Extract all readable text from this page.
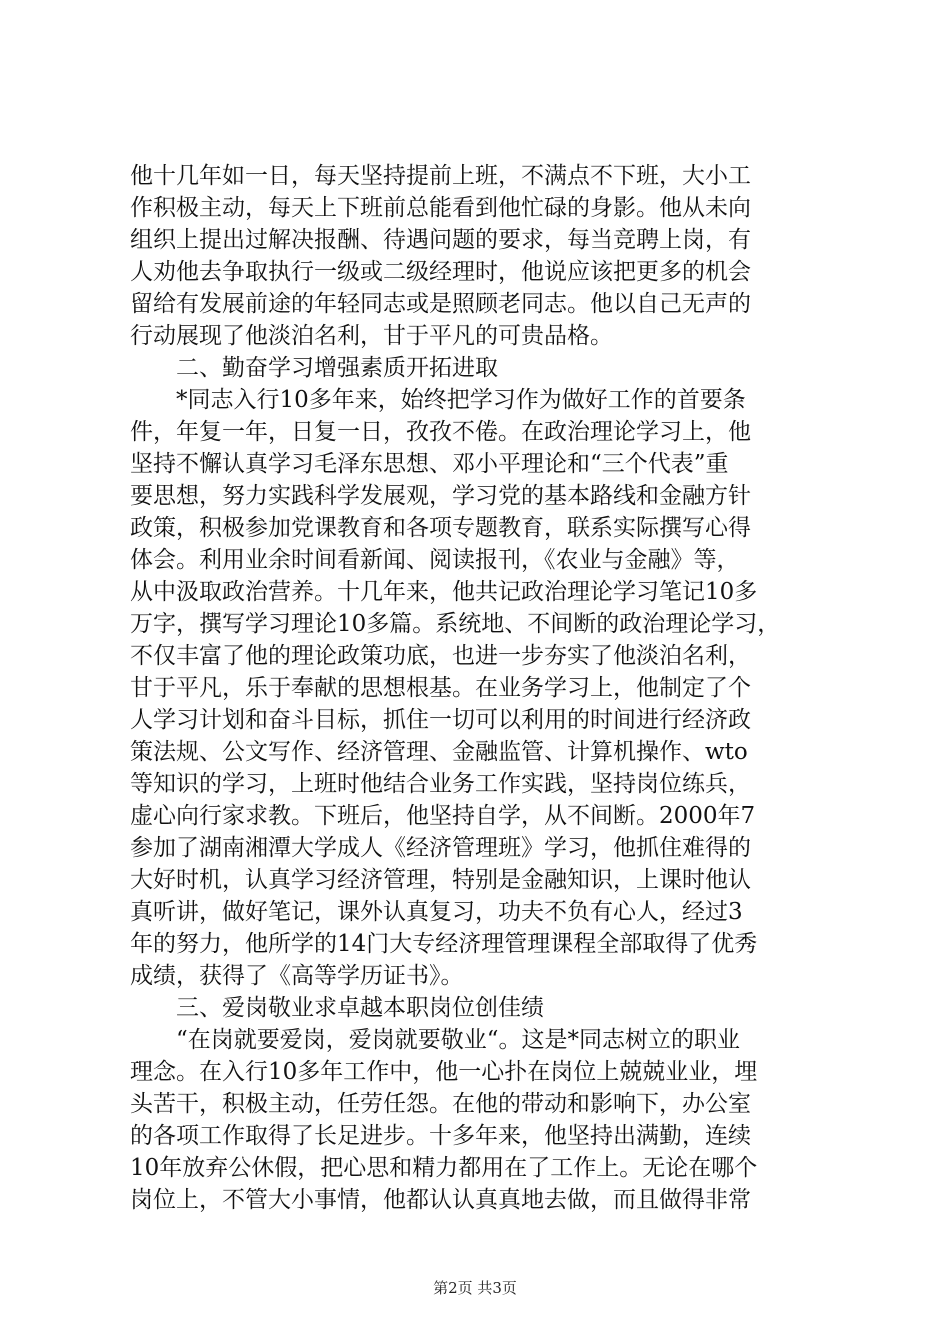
他十几年如一日，每天坚持提前上班，不满点不下班，大小工
作积极主动，每天上下班前总能看到他忙碌的身影。他从未向
组织上提出过解决报酬、待遇问题的要求，每当竞聘上岗，有
人劝他去争取执行一级或二级经理时，他说应该把更多的机会
留给有发展前途的年轻同志或是照顾老同志。他以自己无声的
行动展现了他淡泊名利，甘于平凡的可贵品格。
　　二、勤奋学习增强素质开拓进取
　　*同志入行10多年来，始终把学习作为做好工作的首要条
件，年复一年，日复一日，孜孜不倦。在政治理论学习上，他
坚持不懈认真学习毛泽东思想、邓小平理论和“三个代表”重
要思想，努力实践科学发展观，学习党的基本路线和金融方针
政策，积极参加党课教育和各项专题教育，联系实际撰写心得
体会。利用业余时间看新闻、阅读报刊，《农业与金融》等，
从中汲取政治营养。十几年来，他共记政治理论学习笔记10多
万字，撰写学习理论10多篇。系统地、不间断的政治理论学习，
不仅丰富了他的理论政策功底，也进一步夯实了他淡泊名利，
甘于平凡，乐于奉献的思想根基。在业务学习上，他制定了个
人学习计划和奋斗目标，抓住一切可以利用的时间进行经济政
策法规、公文写作、经济管理、金融监管、计算机操作、wto
等知识的学习，上班时他结合业务工作实践，坚持岗位练兵，
虚心向行家求教。下班后，他坚持自学，从不间断。2000年7
参加了湖南湘潭大学成人《经济管理班》学习，他抓住难得的
大好时机，认真学习经济管理，特别是金融知识，上课时他认
真听讲，做好笔记，课外认真复习，功夫不负有心人，经过3
年的努力，他所学的14门大专经济理管理课程全部取得了优秀
成绩，获得了《高等学历证书》。
　　三、爱岗敬业求卓越本职岗位创佳绩
　　“在岗就要爱岗，爱岗就要敬业“。这是*同志树立的职业
理念。在入行10多年工作中，他一心扑在岗位上兢兢业业，埋
头苦干，积极主动，任劳任怨。在他的带动和影响下，办公室
的各项工作取得了长足进步。十多年来，他坚持出满勤，连续
10年放弃公休假，把心思和精力都用在了工作上。无论在哪个
岗位上，不管大小事情，他都认认真真地去做，而且做得非常
第2页 共3页
